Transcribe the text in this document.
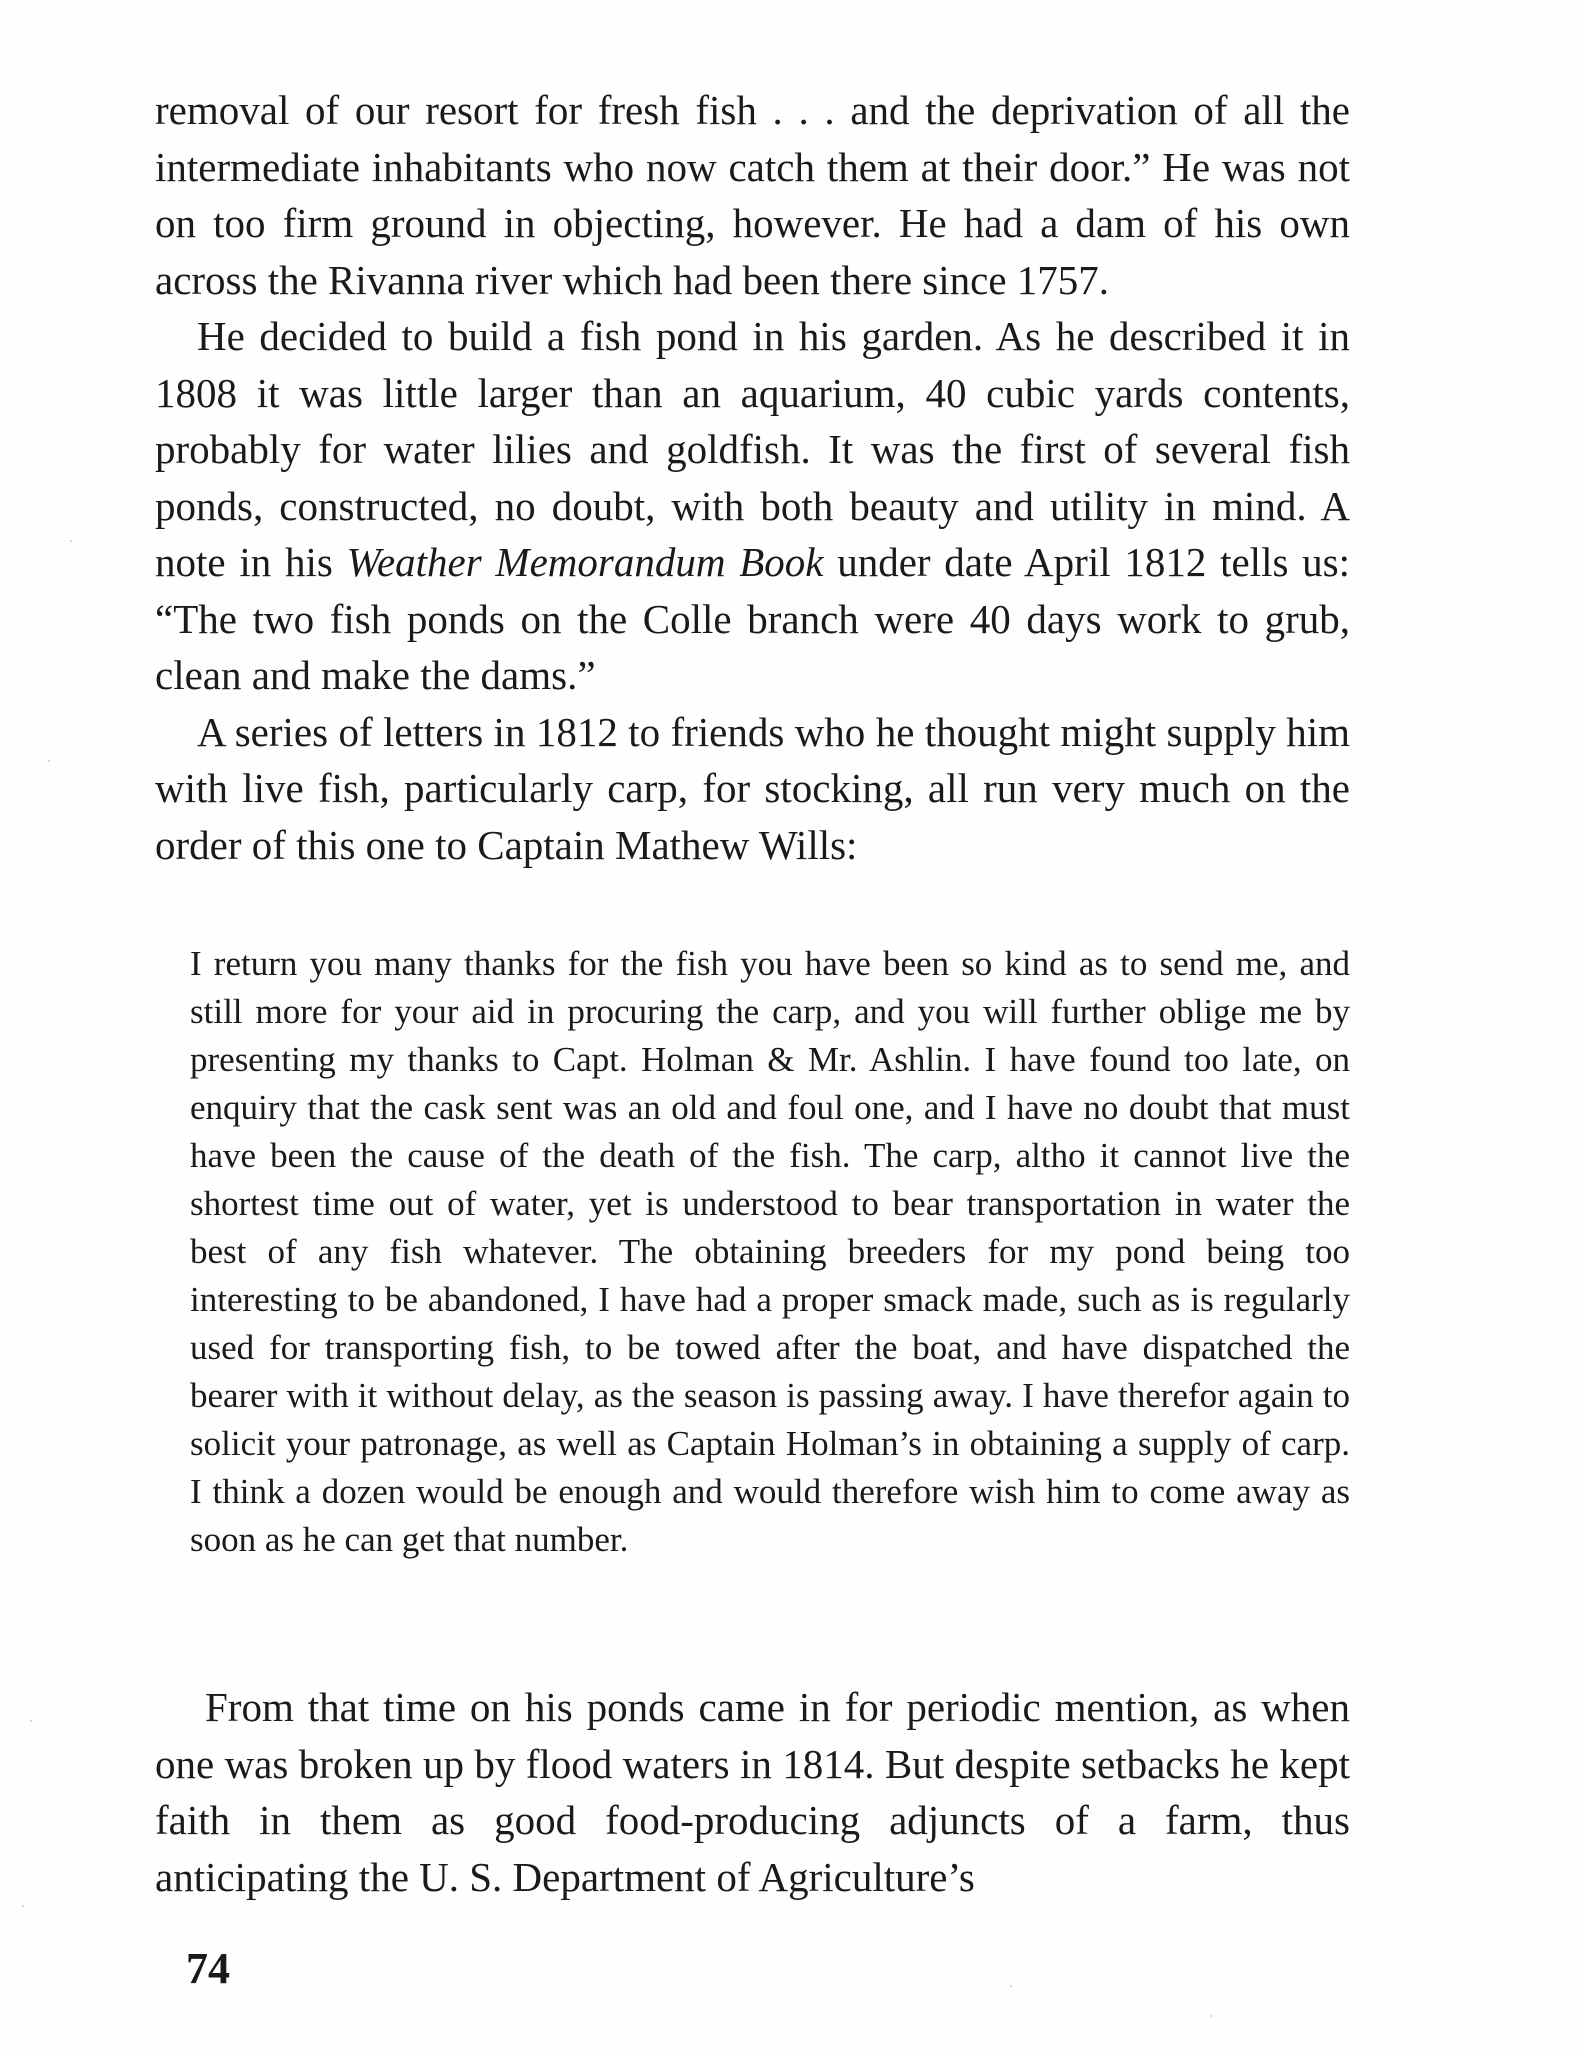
removal of our resort for fresh fish . . . and the deprivation of all the intermediate inhabitants who now catch them at their door.” He was not on too firm ground in objecting, however. He had a dam of his own across the Rivanna river which had been there since 1757.

He decided to build a fish pond in his garden. As he described it in 1808 it was little larger than an aquarium, 40 cubic yards contents, probably for water lilies and goldfish. It was the first of several fish ponds, constructed, no doubt, with both beauty and utility in mind. A note in his Weather Memorandum Book under date April 1812 tells us: “The two fish ponds on the Colle branch were 40 days work to grub, clean and make the dams.”

A series of letters in 1812 to friends who he thought might supply him with live fish, particularly carp, for stocking, all run very much on the order of this one to Captain Mathew Wills:

I return you many thanks for the fish you have been so kind as to send me, and still more for your aid in procuring the carp, and you will further oblige me by presenting my thanks to Capt. Holman & Mr. Ashlin. I have found too late, on enquiry that the cask sent was an old and foul one, and I have no doubt that must have been the cause of the death of the fish. The carp, altho it cannot live the shortest time out of water, yet is understood to bear transportation in water the best of any fish whatever. The obtaining breeders for my pond being too interesting to be abandoned, I have had a proper smack made, such as is regularly used for transporting fish, to be towed after the boat, and have dispatched the bearer with it without delay, as the season is passing away. I have therefor again to solicit your patronage, as well as Captain Holman’s in obtaining a supply of carp. I think a dozen would be enough and would therefore wish him to come away as soon as he can get that number.

From that time on his ponds came in for periodic mention, as when one was broken up by flood waters in 1814. But despite setbacks he kept faith in them as good food-producing adjuncts of a farm, thus anticipating the U. S. Department of Agriculture’s

74
